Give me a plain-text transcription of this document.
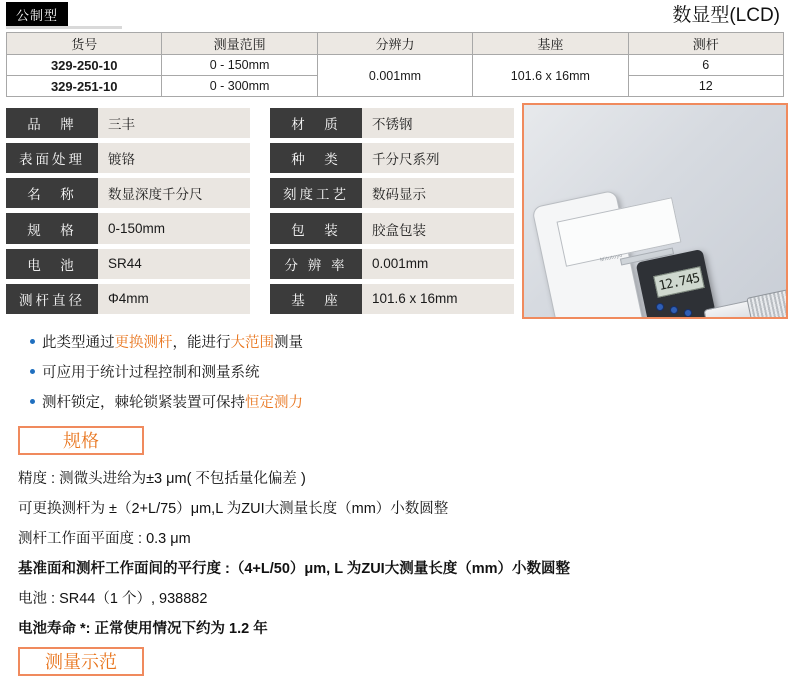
公制型	数显型(LCD)
货号	测量范围	分辨力	基座	测杆
329-250-10	0 - 150mm	0.001mm	101.6 x 16mm	6
329-251-10	0 - 300mm			12
品　牌	三丰		材　质	不锈钢
表面处理	镀铬		种　类	千分尺系列
名　称	数显深度千分尺		刻度工艺	数码显示
规　格	0-150mm		包　装	胶盒包装
电　池	SR44		分 辨 率	0.001mm
测杆直径	Φ4mm		基　座	101.6 x 16mm
12.745
Mitutoyo
此类型通过更换测杆，能进行大范围测量
可应用于统计过程控制和测量系统
测杆锁定，棘轮锁紧装置可保持恒定测力
规格
精度 : 测微头进给为±3 μm( 不包括量化偏差 )
可更换测杆为 ±（2+L/75）μm,L 为ZUI大测量长度（mm）小数圆整
测杆工作面平面度 : 0.3 μm
基准面和测杆工作面间的平行度 :（4+L/50）μm, L 为ZUI大测量长度（mm）小数圆整
电池 : SR44（1 个）, 938882
电池寿命 *: 正常使用情况下约为 1.2 年
测量示范
